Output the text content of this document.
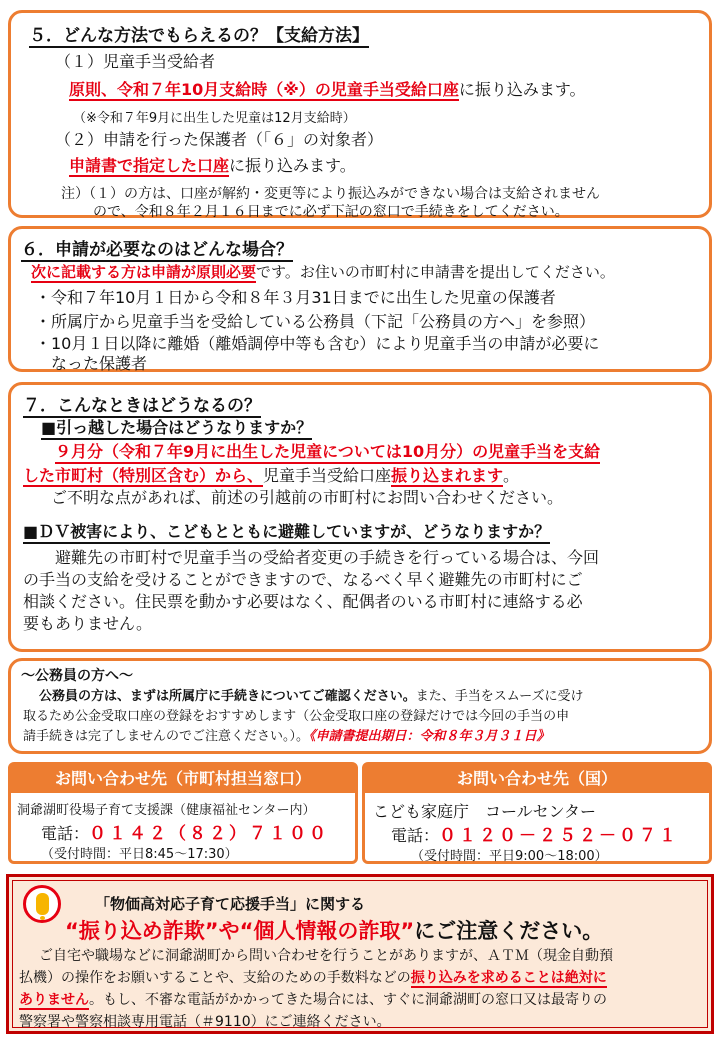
５．どんな方法でもらえるの？【支給方法】
（１）児童手当受給者
原則、令和７年10月支給時（※）の児童手当受給口座に振り込みます。
（※令和７年9月に出生した児童は12月支給時）
（２）申請を行った保護者（「６」の対象者）
申請書で指定した口座に振り込みます。
注）（１）の方は、口座が解約・変更等により振込みができない場合は支給されません
ので、令和８年２月１６日までに必ず下記の窓口で手続きをしてください。
６．申請が必要なのはどんな場合？
次に記載する方は申請が原則必要です。お住いの市町村に申請書を提出してください。
・令和７年10月１日から令和８年３月31日までに出生した児童の保護者
・所属庁から児童手当を受給している公務員（下記「公務員の方へ」を参照）
・10月１日以降に離婚（離婚調停中等も含む）により児童手当の申請が必要に
なった保護者
７．こんなときはどうなるの？
■引っ越した場合はどうなりますか？
９月分（令和７年9月に出生した児童については10月分）の児童手当を支給
した市町村（特別区含む）から、児童手当受給口座振り込まれます。
ご不明な点があれば、前述の引越前の市町村にお問い合わせください。
■ＤＶ被害により、こどもとともに避難していますが、どうなりますか？
避難先の市町村で児童手当の受給者変更の手続きを行っている場合は、今回
の手当の支給を受けることができますので、なるべく早く避難先の市町村にご
相談ください。住民票を動かす必要はなく、配偶者のいる市町村に連絡する必
要もありません。
～公務員の方へ～
公務員の方は、まずは所属庁に手続きについてご確認ください。また、手当をスムーズに受け
取るため公金受取口座の登録をおすすめします（公金受取口座の登録だけでは今回の手当の申
請手続きは完了しませんのでご注意ください。）。《申請書提出期日：令和８年３月３１日》
お問い合わせ先（市町村担当窓口）
洞爺湖町役場子育て支援課（健康福祉センター内）
電話：０１４２（８２）７１００
（受付時間：平日8:45～17:30）
お問い合わせ先（国）
こども家庭庁　コールセンター
電話：０１２０－２５２－０７１
（受付時間：平日9:00～18:00）
「物価高対応子育て応援手当」に関する
“振り込め詐欺”や“個人情報の詐取”にご注意ください。
ご自宅や職場などに洞爺湖町から問い合わせを行うことがありますが、ＡＴＭ（現金自動預
払機）の操作をお願いすることや、支給のための手数料などの振り込みを求めることは絶対に
ありません。もし、不審な電話がかかってきた場合には、すぐに洞爺湖町の窓口又は最寄りの
警察署や警察相談専用電話（＃9110）にご連絡ください。
